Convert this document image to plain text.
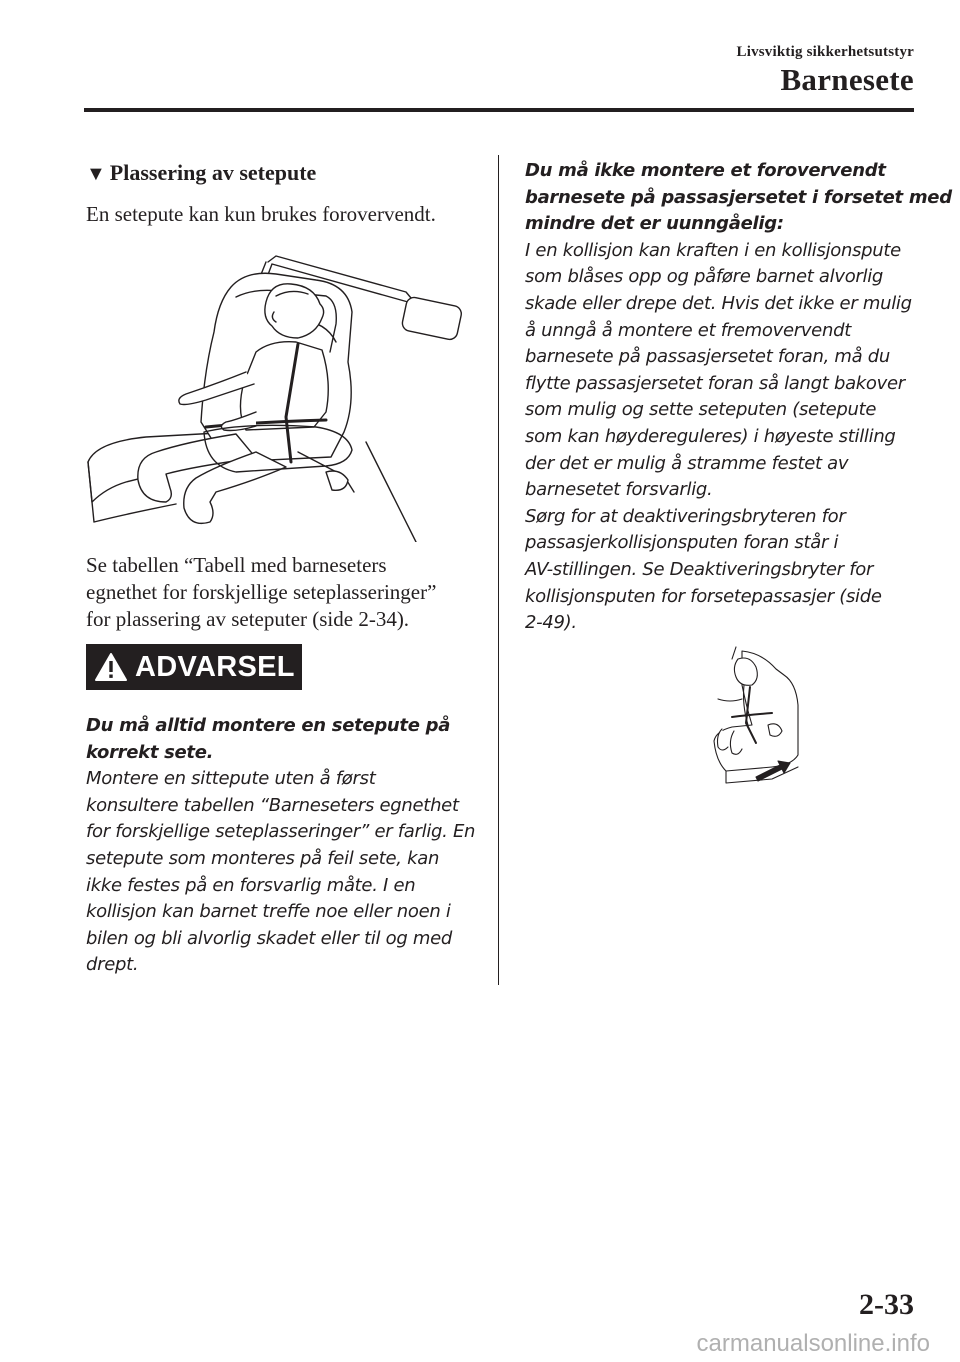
Livsviktig sikkerhetsutstyr
Barnesete
▼ Plassering av setepute
En setepute kan kun brukes forovervendt.
Se tabellen “Tabell med barneseters
egnethet for forskjellige seteplasseringer”
for plassering av seteputer (side 2-34).
ADVARSEL
Du må alltid montere en setepute på
korrekt sete.
Montere en sittepute uten å først
konsultere tabellen “Barneseters egnethet
for forskjellige seteplasseringer” er farlig. En
setepute som monteres på feil sete, kan
ikke festes på en forsvarlig måte. I en
kollisjon kan barnet treffe noe eller noen i
bilen og bli alvorlig skadet eller til og med
drept.
Du må ikke montere et forovervendt
barnesete på passasjersetet i forsetet med
mindre det er uunngåelig:
I en kollisjon kan kraften i en kollisjonspute
som blåses opp og påføre barnet alvorlig
skade eller drepe det. Hvis det ikke er mulig
å unngå å montere et fremovervendt
barnesete på passasjersetet foran, må du
flytte passasjersetet foran så langt bakover
som mulig og sette seteputen (setepute
som kan høydereguleres) i høyeste stilling
der det er mulig å stramme festet av
barnesetet forsvarlig.
Sørg for at deaktiveringsbryteren for
passasjerkollisjonsputen foran står i
AV-stillingen. Se Deaktiveringsbryter for
kollisjonsputen for forsetepassasjer (side
2-49).
2-33
carmanualsonline.info
